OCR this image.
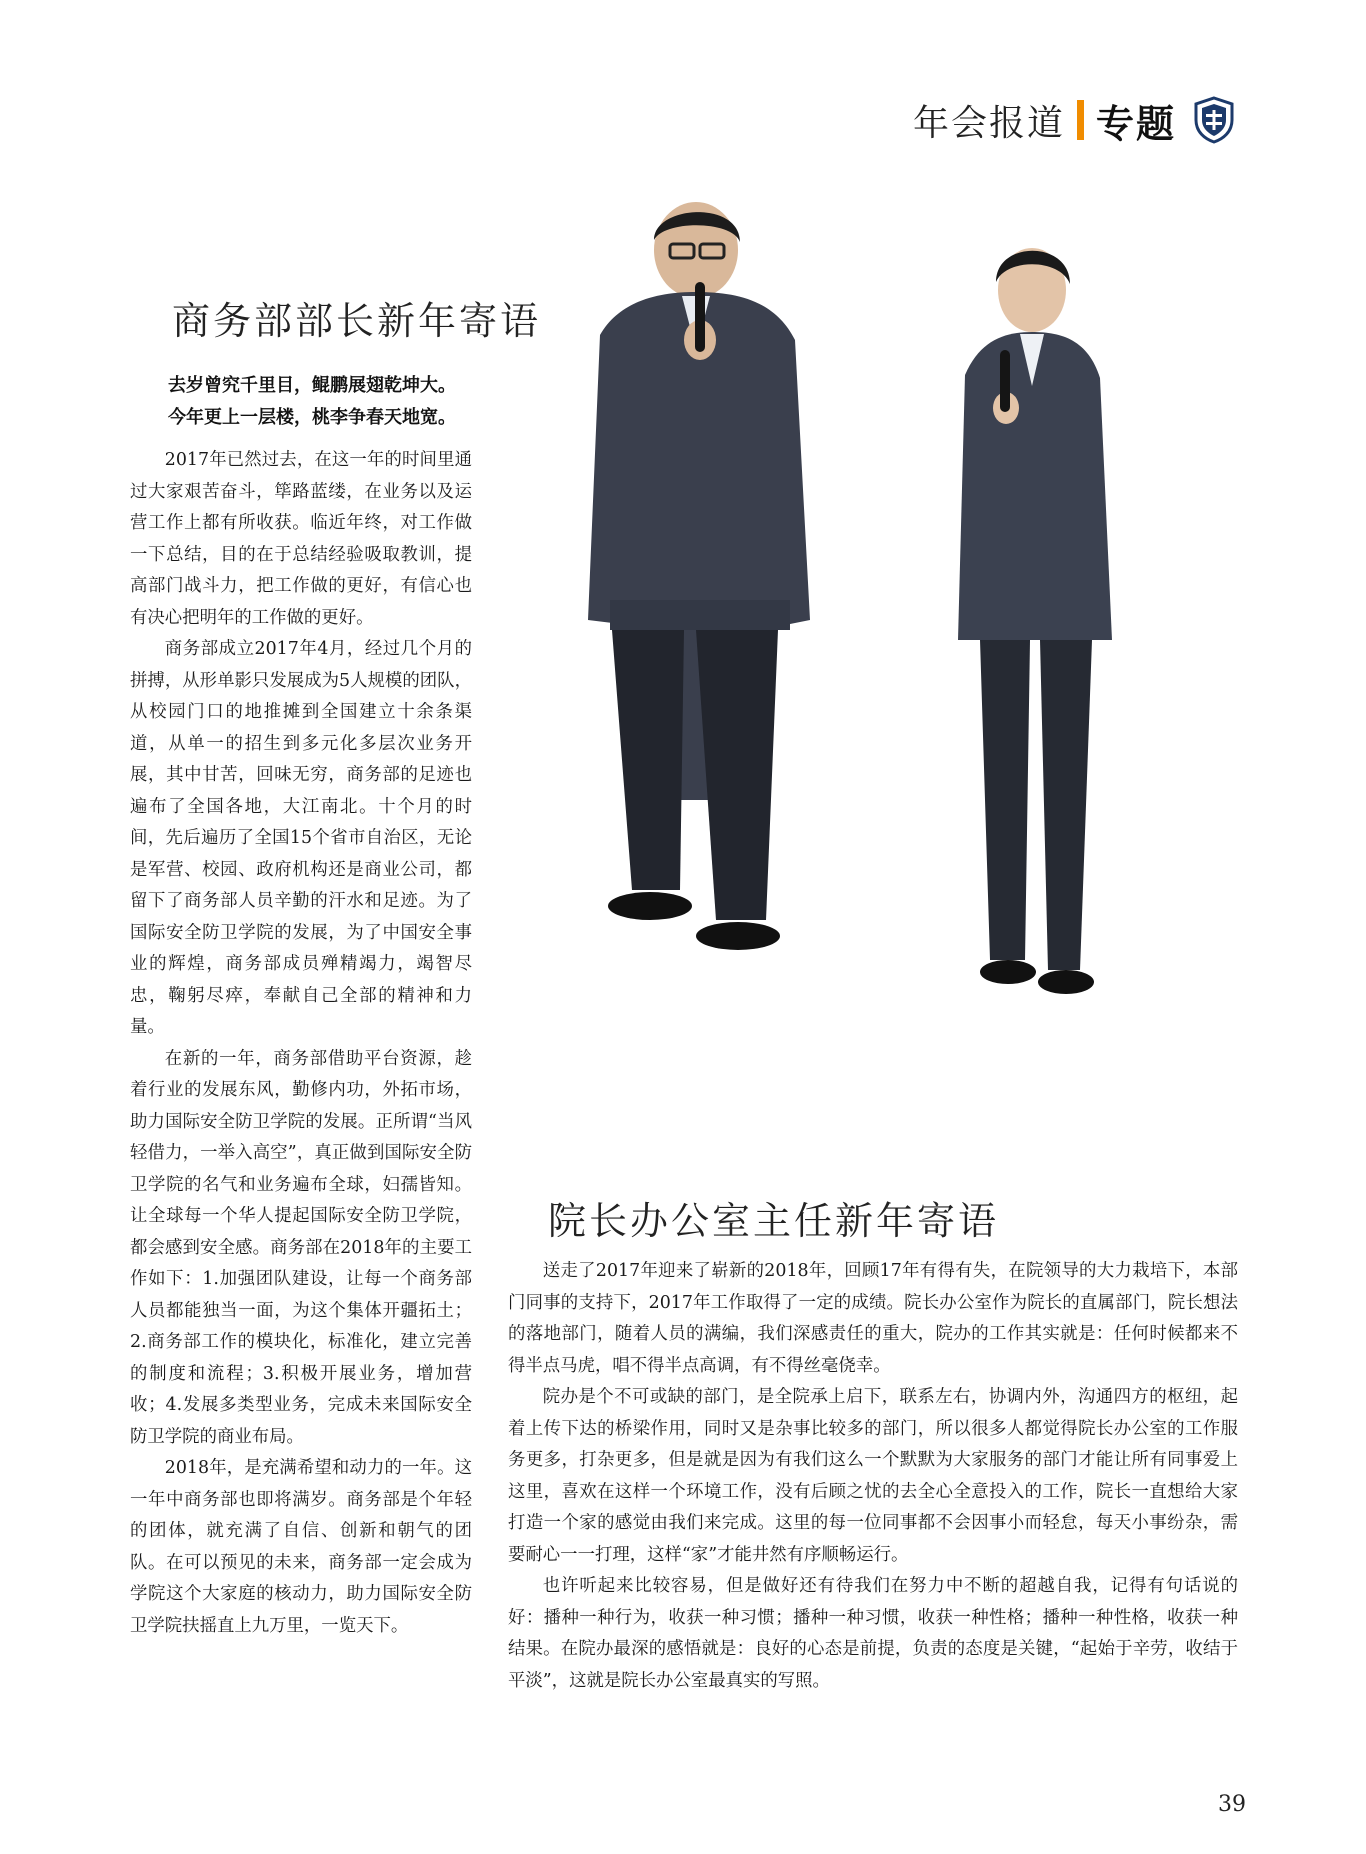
年会报道 专题
商务部部长新年寄语
去岁曾究千里目，鲲鹏展翅乾坤大。
今年更上一层楼，桃李争春天地宽。

2017年已然过去，在这一年的时间里通过大家艰苦奋斗，筚路蓝缕，在业务以及运营工作上都有所收获。临近年终，对工作做一下总结，目的在于总结经验吸取教训，提高部门战斗力，把工作做的更好，有信心也有决心把明年的工作做的更好。

商务部成立2017年4月，经过几个月的拼搏，从形单影只发展成为5人规模的团队，从校园门口的地推摊到全国建立十余条渠道，从单一的招生到多元化多层次业务开展，其中甘苦，回味无穷，商务部的足迹也遍布了全国各地，大江南北。十个月的时间，先后遍历了全国15个省市自治区，无论是军营、校园、政府机构还是商业公司，都留下了商务部人员辛勤的汗水和足迹。为了国际安全防卫学院的发展，为了中国安全事业的辉煌，商务部成员殚精竭力，竭智尽忠，鞠躬尽瘁，奉献自己全部的精神和力量。

在新的一年，商务部借助平台资源，趁着行业的发展东风，勤修内功，外拓市场，助力国际安全防卫学院的发展。正所谓“当风轻借力，一举入高空”，真正做到国际安全防卫学院的名气和业务遍布全球，妇孺皆知。让全球每一个华人提起国际安全防卫学院，都会感到安全感。商务部在2018年的主要工作如下：1.加强团队建设，让每一个商务部人员都能独当一面，为这个集体开疆拓土；2.商务部工作的模块化，标准化，建立完善的制度和流程；3.积极开展业务，增加营收；4.发展多类型业务，完成未来国际安全防卫学院的商业布局。

2018年，是充满希望和动力的一年。这一年中商务部也即将满岁。商务部是个年轻的团体，就充满了自信、创新和朝气的团队。在可以预见的未来，商务部一定会成为学院这个大家庭的核动力，助力国际安全防卫学院扶摇直上九万里，一览天下。

院长办公室主任新年寄语

送走了2017年迎来了崭新的2018年，回顾17年有得有失，在院领导的大力栽培下，本部门同事的支持下，2017年工作取得了一定的成绩。院长办公室作为院长的直属部门，院长想法的落地部门，随着人员的满编，我们深感责任的重大，院办的工作其实就是：任何时候都来不得半点马虎，唱不得半点高调，有不得丝毫侥幸。

院办是个不可或缺的部门，是全院承上启下，联系左右，协调内外，沟通四方的枢纽，起着上传下达的桥梁作用，同时又是杂事比较多的部门，所以很多人都觉得院长办公室的工作服务更多，打杂更多，但是就是因为有我们这么一个默默为大家服务的部门才能让所有同事爱上这里，喜欢在这样一个环境工作，没有后顾之忧的去全心全意投入的工作，院长一直想给大家打造一个家的感觉由我们来完成。这里的每一位同事都不会因事小而轻怠，每天小事纷杂，需要耐心一一打理，这样“家”才能井然有序顺畅运行。

也许听起来比较容易，但是做好还有待我们在努力中不断的超越自我，记得有句话说的好：播种一种行为，收获一种习惯；播种一种习惯，收获一种性格；播种一种性格，收获一种结果。在院办最深的感悟就是：良好的心态是前提，负责的态度是关键，“起始于辛劳，收结于平淡”，这就是院长办公室最真实的写照。

39
